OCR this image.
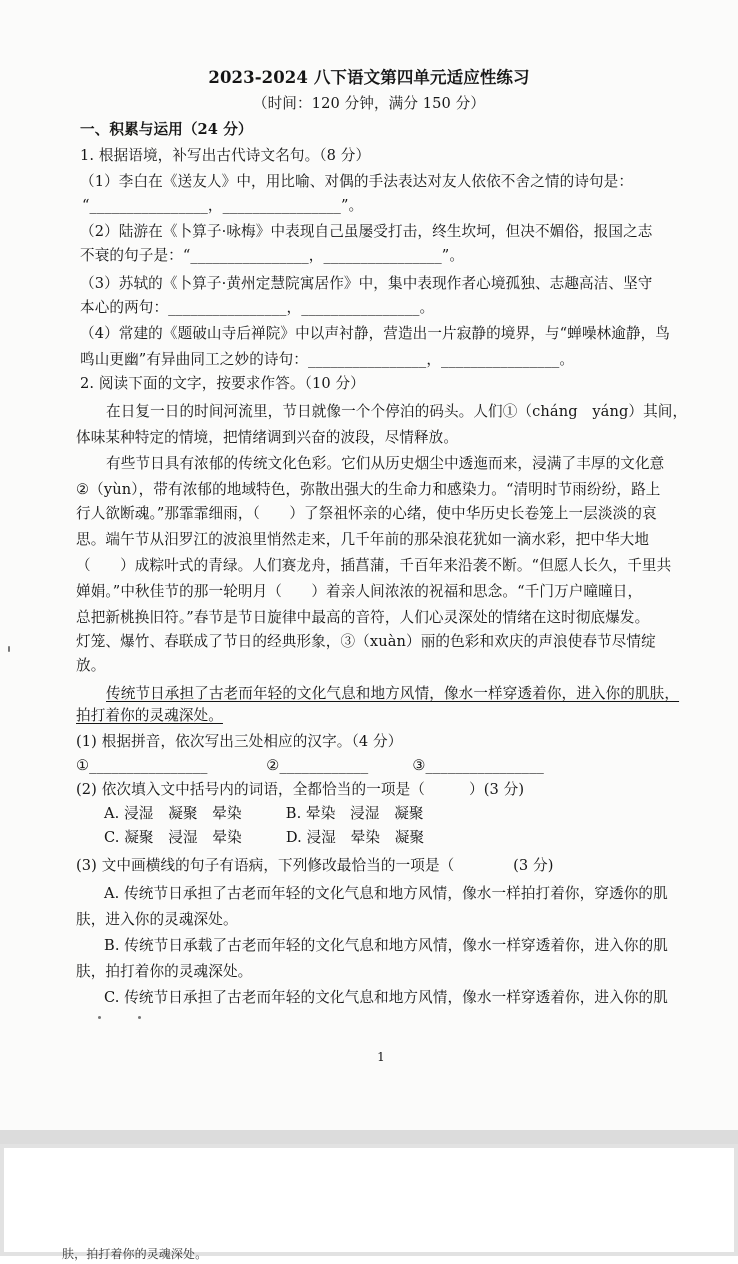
2023-2024 八下语文第四单元适应性练习
（时间：120 分钟，满分 150 分）
一、积累与运用（24 分）
1. 根据语境，补写出古代诗文名句。（8 分）
（1）李白在《送友人》中，用比喻、对偶的手法表达对友人依依不舍之情的诗句是：
“________________，________________”。
（2）陆游在《卜算子·咏梅》中表现自己虽屡受打击，终生坎坷，但决不媚俗，报国之志
不衰的句子是：“________________，________________”。
（3）苏轼的《卜算子·黄州定慧院寓居作》中，集中表现作者心境孤独、志趣高洁、坚守
本心的两句：________________，________________。
（4）常建的《题破山寺后禅院》中以声衬静，营造出一片寂静的境界，与“蝉噪林逾静，鸟
鸣山更幽”有异曲同工之妙的诗句：________________，________________。
2. 阅读下面的文字，按要求作答。（10 分）
在日复一日的时间河流里，节日就像一个个停泊的码头。人们①（cháng　yáng）其间，
体味某种特定的情境，把情绪调到兴奋的波段，尽情释放。
有些节日具有浓郁的传统文化色彩。它们从历史烟尘中透迤而来，浸满了丰厚的文化意
②（yùn），带有浓郁的地域特色，弥散出强大的生命力和感染力。“清明时节雨纷纷，路上
行人欲断魂。”那霏霏细雨，（　　）了祭祖怀亲的心绪，使中华历史长卷笼上一层淡淡的哀
思。端午节从汨罗江的波浪里悄然走来，几千年前的那朵浪花犹如一滴水彩，把中华大地
（　　）成粽叶式的青绿。人们赛龙舟，插菖蒲，千百年来沿袭不断。“但愿人长久，千里共
婵娟。”中秋佳节的那一轮明月（　　）着亲人间浓浓的祝福和思念。“千门万户曈曈日，
总把新桃换旧符。”春节是节日旋律中最高的音符，人们心灵深处的情绪在这时彻底爆发。
灯笼、爆竹、春联成了节日的经典形象，③（xuàn）丽的色彩和欢庆的声浪使春节尽情绽
放。
传统节日承担了古老而年轻的文化气息和地方风情，像水一样穿透着你，进入你的肌肤，
拍打着你的灵魂深处。
(1) 根据拼音，依次写出三处相应的汉字。（4 分）
①________________　　　　②____________　　　③________________
(2) 依次填入文中括号内的词语，全都恰当的一项是（　　　）(3 分)
A. 浸湿　凝聚　晕染　　　B. 晕染　浸湿　凝聚
C. 凝聚　浸湿　晕染　　　D. 浸湿　晕染　凝聚
(3) 文中画横线的句子有语病，下列修改最恰当的一项是（　　　　(3 分)
A. 传统节日承担了古老而年轻的文化气息和地方风情，像水一样拍打着你，穿透你的肌
肤，进入你的灵魂深处。
B. 传统节日承载了古老而年轻的文化气息和地方风情，像水一样穿透着你，进入你的肌
肤，拍打着你的灵魂深处。
C. 传统节日承担了古老而年轻的文化气息和地方风情，像水一样穿透着你，进入你的肌
1
肤，拍打着你的灵魂深处。
